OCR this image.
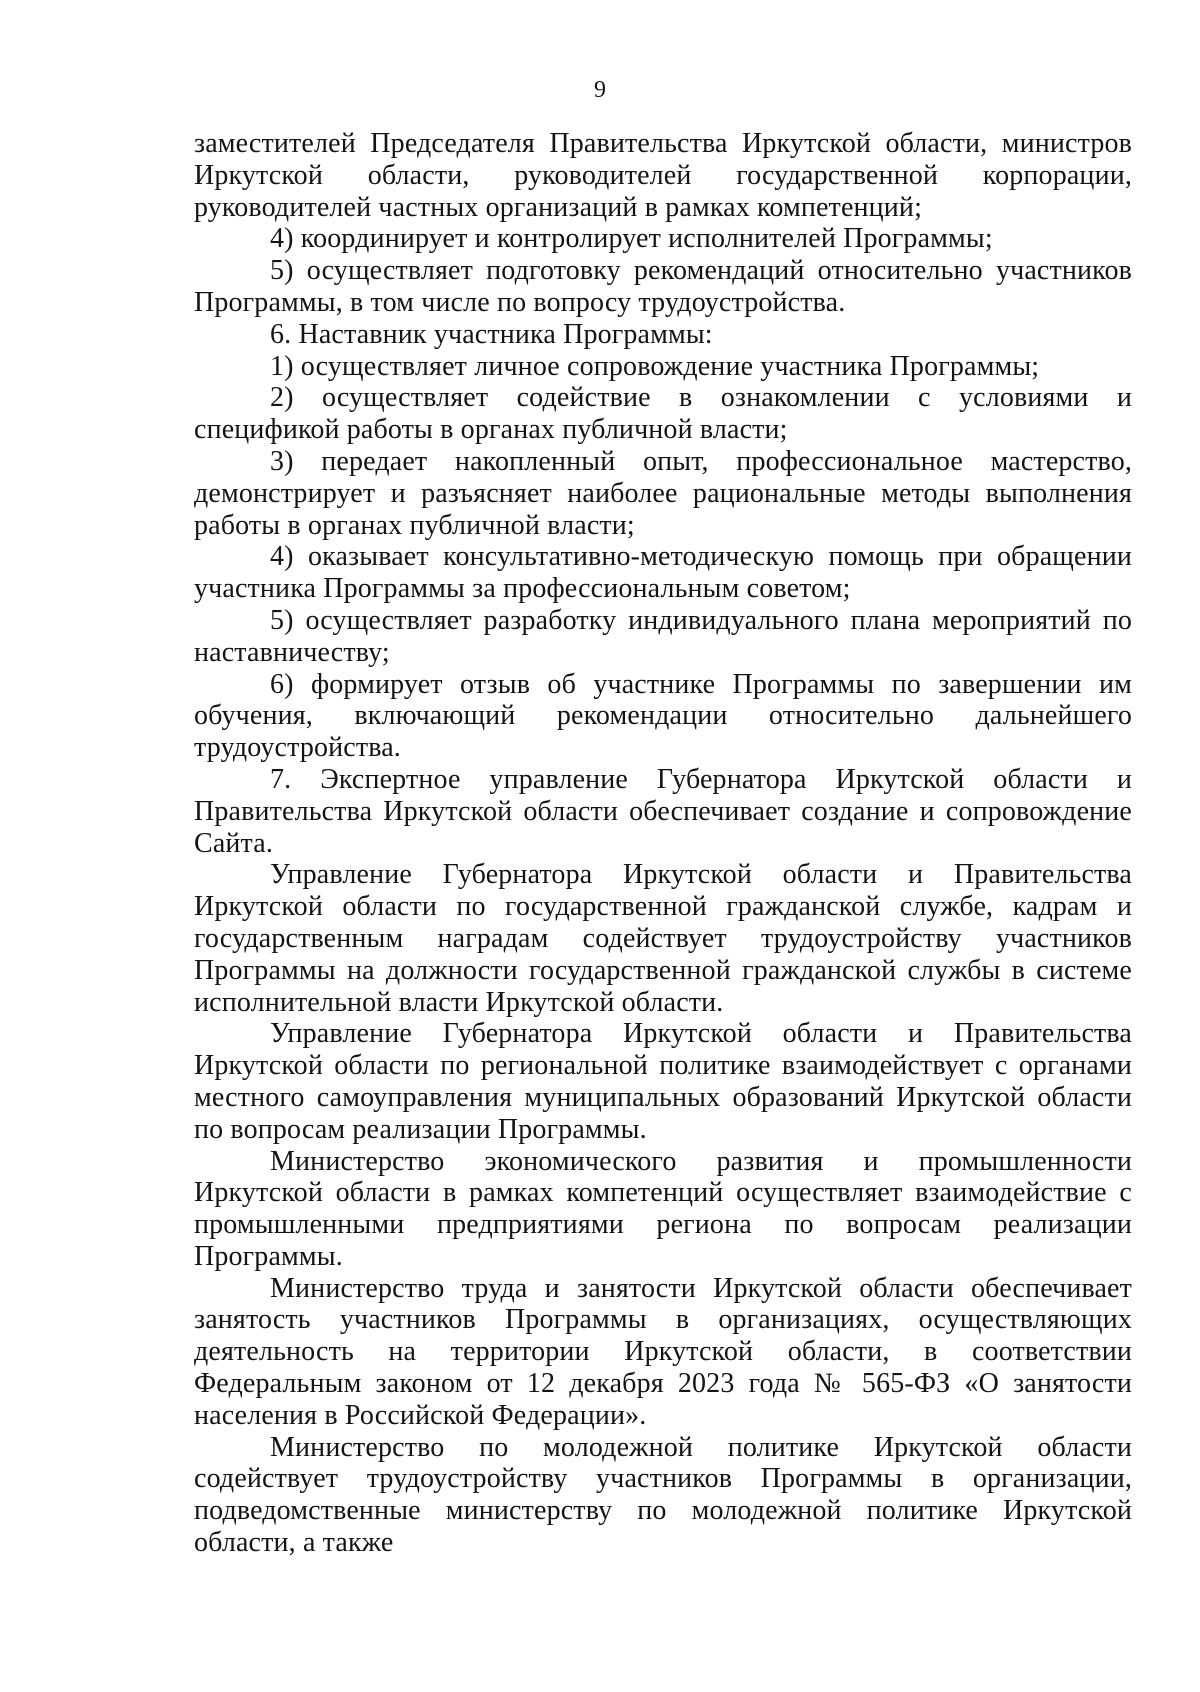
9

заместителей Председателя Правительства Иркутской области, министров Иркутской области, руководителей государственной корпорации, руководителей частных организаций в рамках компетенций;

4) координирует и контролирует исполнителей Программы;

5) осуществляет подготовку рекомендаций относительно участников Программы, в том числе по вопросу трудоустройства.

6. Наставник участника Программы:

1) осуществляет личное сопровождение участника Программы;

2) осуществляет содействие в ознакомлении с условиями и спецификой работы в органах публичной власти;

3) передает накопленный опыт, профессиональное мастерство, демонстрирует и разъясняет наиболее рациональные методы выполнения работы в органах публичной власти;

4) оказывает консультативно-методическую помощь при обращении участника Программы за профессиональным советом;

5) осуществляет разработку индивидуального плана мероприятий по наставничеству;

6) формирует отзыв об участнике Программы по завершении им обучения, включающий рекомендации относительно дальнейшего трудоустройства.

7. Экспертное управление Губернатора Иркутской области и Правительства Иркутской области обеспечивает создание и сопровождение Сайта.

Управление Губернатора Иркутской области и Правительства Иркутской области по государственной гражданской службе, кадрам и государственным наградам содействует трудоустройству участников Программы на должности государственной гражданской службы в системе исполнительной власти Иркутской области.

Управление Губернатора Иркутской области и Правительства Иркутской области по региональной политике взаимодействует с органами местного самоуправления муниципальных образований Иркутской области по вопросам реализации Программы.

Министерство экономического развития и промышленности Иркутской области в рамках компетенций осуществляет взаимодействие с промышленными предприятиями региона по вопросам реализации Программы.

Министерство труда и занятости Иркутской области обеспечивает занятость участников Программы в организациях, осуществляющих деятельность на территории Иркутской области, в соответствии Федеральным законом от 12 декабря 2023 года № 565-ФЗ «О занятости населения в Российской Федерации».

Министерство по молодежной политике Иркутской области содействует трудоустройству участников Программы в организации, подведомственные министерству по молодежной политике Иркутской области, а также
